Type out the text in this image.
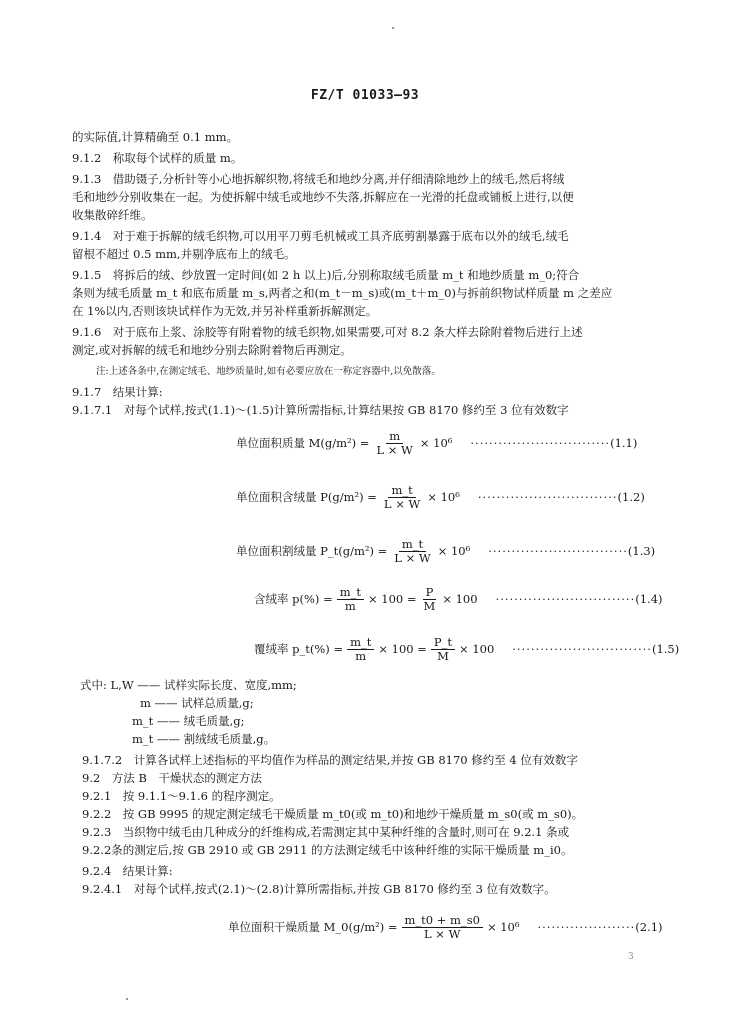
FZ/T 01033—93
的实际值,计算精确至 0.1 mm。
9.1.2　称取每个试样的质量 m。
9.1.3　借助镊子,分析针等小心地拆解织物,将绒毛和地纱分离,并仔细清除地纱上的绒毛,然后将绒
毛和地纱分别收集在一起。为使拆解中绒毛或地纱不失落,拆解应在一光滑的托盘或铺板上进行,以便
收集散碎纤维。
9.1.4　对于难于拆解的绒毛织物,可以用平刀剪毛机械或工具齐底剪割暴露于底布以外的绒毛,绒毛
留根不超过 0.5 mm,并剔净底布上的绒毛。
9.1.5　将拆后的绒、纱放置一定时间(如 2 h 以上)后,分别称取绒毛质量 m_t 和地纱质量 m_0;符合
条则为绒毛质量 m_t 和底布质量 m_s,两者之和(m_t－m_s)或(m_t＋m_0)与拆前织物试样质量 m 之差应
在 1%以内,否则该块试样作为无效,并另补样重新拆解测定。
9.1.6　对于底布上浆、涂胶等有附着物的绒毛织物,如果需要,可对 8.2 条大样去除附着物后进行上述
测定,或对拆解的绒毛和地纱分别去除附着物后再测定。
注:上述各条中,在测定绒毛、地纱质量时,如有必要应放在一称定容器中,以免散落。
9.1.7　结果计算:
9.1.7.1　对每个试样,按式(1.1)～(1.5)计算所需指标,计算结果按 GB 8170 修约至 3 位有效数字
单位面积质量 $M(g/m^2) = \frac{m}{L \times W} \times 10^6$ ······························ (1.1)
单位面积含绒量 $P(g/m^2) = \frac{m\_t}{L \times W} \times 10^6$ ······························ (1.2)
单位面积割绒量 P_t(g/m²) = $\frac{m\_t}{L \times W} \times 10^6$ ······························ (1.3)
含绒率 $p(\%) = \frac{m\_t}{m} \times 100 = \frac{P}{M} \times 100$ ······························ (1.4)
覆绒率 p_t(%) = $\frac{m\_t}{m} \times 100 = \frac{P\_t}{M} \times 100$ ······························ (1.5)
式中: L,W —— 试样实际长度、宽度,mm;
m —— 试样总质量,g;
m_t —— 绒毛质量,g;
m_t —— 割绒绒毛质量,g。
9.1.7.2　计算各试样上述指标的平均值作为样品的测定结果,并按 GB 8170 修约至 4 位有效数字
9.2　方法 B　干燥状态的测定方法
9.2.1　按 9.1.1～9.1.6 的程序测定。
9.2.2　按 GB 9995 的规定测定绒毛干燥质量 m_t0(或 m_t0)和地纱干燥质量 m_s0(或 m_s0)。
9.2.3　当织物中绒毛由几种成分的纤维构成,若需测定其中某种纤维的含量时,则可在 9.2.1 条或
9.2.2条的测定后,按 GB 2910 或 GB 2911 的方法测定绒毛中该种纤维的实际干燥质量 m_i0。
9.2.4　结果计算:
9.2.4.1　对每个试样,按式(2.1)～(2.8)计算所需指标,并按 GB 8170 修约至 3 位有效数字。
单位面积干燥质量 M_0(g/m²) = $\frac{m\_t0 + m\_s0}{L \times W} \times 10^6$ ····················· (2.1)
3
